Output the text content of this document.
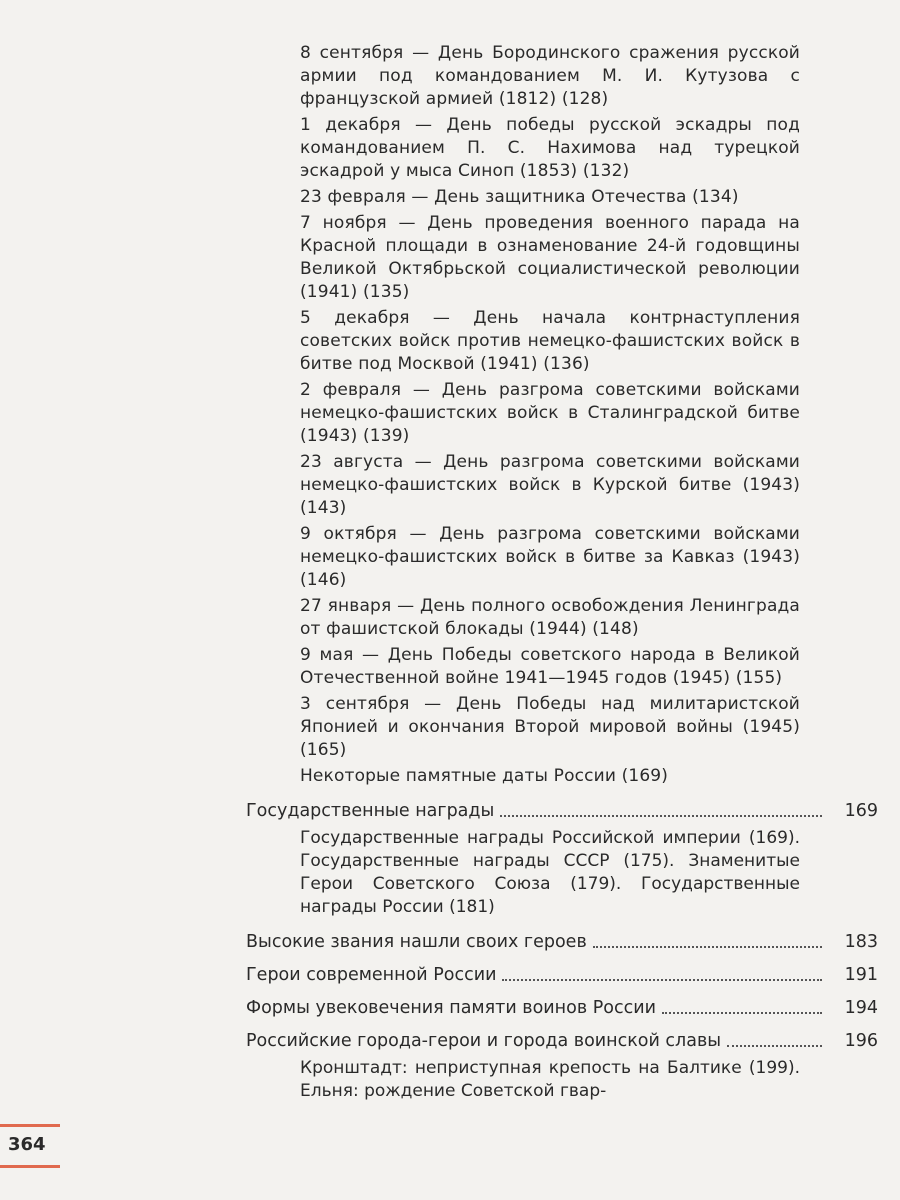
8 сентября — День Бородинского сражения русской армии под командованием М. И. Кутузова с французской армией (1812) (128)

1 декабря — День победы русской эскадры под командованием П. С. Нахимова над турецкой эскадрой у мыса Синоп (1853) (132)

23 февраля — День защитника Отечества (134)

7 ноября — День проведения военного парада на Красной площади в ознаменование 24-й годовщины Великой Октябрьской социалистической революции (1941) (135)

5 декабря — День начала контрнаступления советских войск против немецко-фашистских войск в битве под Москвой (1941) (136)

2 февраля — День разгрома советскими войсками немецко-фашистских войск в Сталинградской битве (1943) (139)

23 августа — День разгрома советскими войсками немецко-фашистских войск в Курской битве (1943) (143)

9 октября — День разгрома советскими войсками немецко-фашистских войск в битве за Кавказ (1943) (146)

27 января — День полного освобождения Ленинграда от фашистской блокады (1944) (148)

9 мая — День Победы советского народа в Великой Отечественной войне 1941—1945 годов (1945) (155)

3 сентября — День Победы над милитаристской Японией и окончания Второй мировой войны (1945) (165)

Некоторые памятные даты России (169)

Государственные награды	169

Государственные награды Российской империи (169). Государственные награды СССР (175). Знаменитые Герои Советского Союза (179). Государственные награды России (181)

Высокие звания нашли своих героев	183
Герои современной России	191
Формы увековечения памяти воинов России	194
Российские города-герои и города воинской славы	196

Кронштадт: неприступная крепость на Балтике (199). Ельня: рождение Советской гвар-

364
